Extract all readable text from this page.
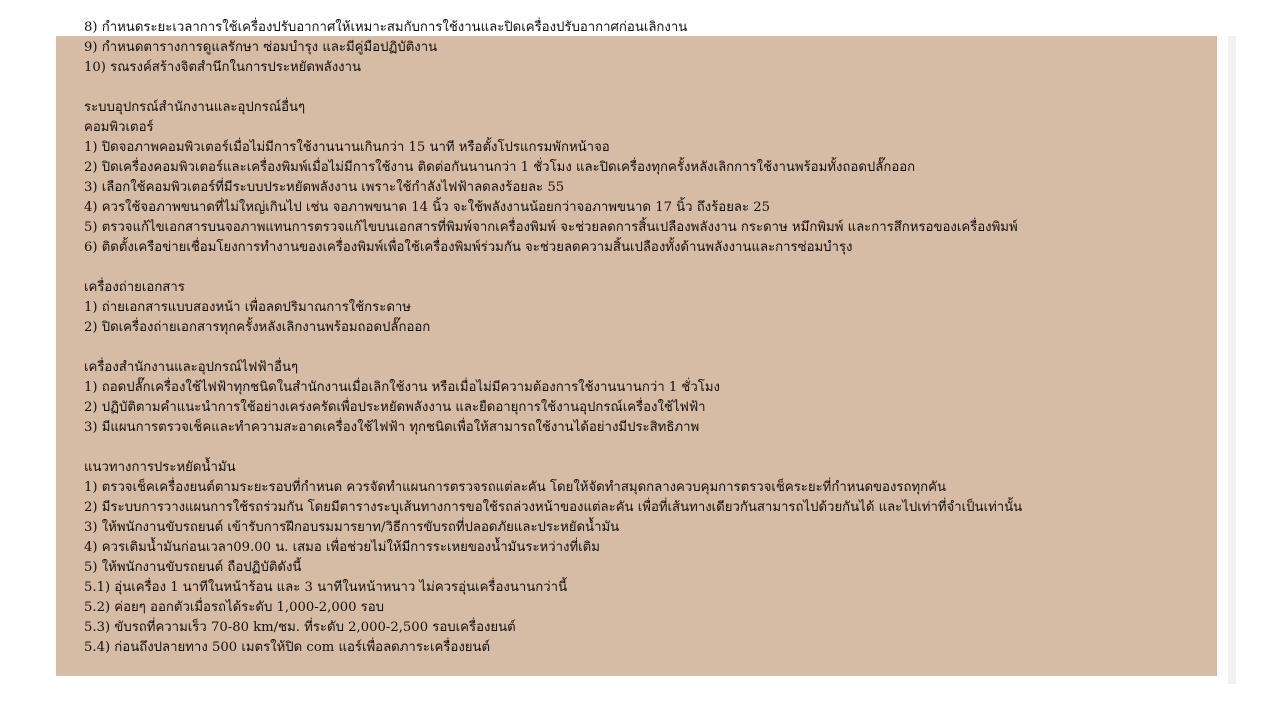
8) กำหนดระยะเวลาการใช้เครื่องปรับอากาศให้เหมาะสมกับการใช้งานและปิดเครื่องปรับอากาศก่อนเลิกงาน
9) กำหนดตารางการดูแลรักษา ซ่อมบำรุง และมีคู่มือปฏิบัติงาน
10) รณรงค์สร้างจิตสำนึกในการประหยัดพลังงาน
ระบบอุปกรณ์สำนักงานและอุปกรณ์อื่นๆ
คอมพิวเตอร์
1) ปิดจอภาพคอมพิวเตอร์เมื่อไม่มีการใช้งานนานเกินกว่า 15 นาที หรือตั้งโปรแกรมพักหน้าจอ
2) ปิดเครื่องคอมพิวเตอร์และเครื่องพิมพ์เมื่อไม่มีการใช้งาน ติดต่อกันนานกว่า 1 ชั่วโมง และปิดเครื่องทุกครั้งหลังเลิกการใช้งานพร้อมทั้งถอดปลั๊กออก
3) เลือกใช้คอมพิวเตอร์ที่มีระบบประหยัดพลังงาน เพราะใช้กำลังไฟฟ้าลดลงร้อยละ 55
4) ควรใช้จอภาพขนาดที่ไม่ใหญ่เกินไป เช่น จอภาพขนาด 14 นิ้ว จะใช้พลังงานน้อยกว่าจอภาพขนาด 17 นิ้ว ถึงร้อยละ 25
5) ตรวจแก้ไขเอกสารบนจอภาพแทนการตรวจแก้ไขบนเอกสารที่พิมพ์จากเครื่องพิมพ์ จะช่วยลดการสิ้นเปลืองพลังงาน กระดาษ หมึกพิมพ์ และการสึกหรอของเครื่องพิมพ์
6) ติดตั้งเครือข่ายเชื่อมโยงการทำงานของเครื่องพิมพ์เพื่อใช้เครื่องพิมพ์ร่วมกัน จะช่วยลดความสิ้นเปลืองทั้งด้านพลังงานและการซ่อมบำรุง
เครื่องถ่ายเอกสาร
1) ถ่ายเอกสารแบบสองหน้า เพื่อลดปริมาณการใช้กระดาษ
2) ปิดเครื่องถ่ายเอกสารทุกครั้งหลังเลิกงานพร้อมถอดปลั๊กออก
เครื่องสำนักงานและอุปกรณ์ไฟฟ้าอื่นๆ
1) ถอดปลั๊กเครื่องใช้ไฟฟ้าทุกชนิดในสำนักงานเมื่อเลิกใช้งาน หรือเมื่อไม่มีความต้องการใช้งานนานกว่า 1 ชั่วโมง
2) ปฏิบัติตามคำแนะนำการใช้อย่างเคร่งครัดเพื่อประหยัดพลังงาน และยืดอายุการใช้งานอุปกรณ์เครื่องใช้ไฟฟ้า
3) มีแผนการตรวจเช็คและทำความสะอาดเครื่องใช้ไฟฟ้า ทุกชนิดเพื่อให้สามารถใช้งานได้อย่างมีประสิทธิภาพ
แนวทางการประหยัดน้ำมัน
1) ตรวจเช็คเครื่องยนต์ตามระยะรอบที่กำหนด ควรจัดทำแผนการตรวจรถแต่ละคัน โดยให้จัดทำสมุดกลางควบคุมการตรวจเช็คระยะที่กำหนดของรถทุกคัน
2) มีระบบการวางแผนการใช้รถร่วมกัน โดยมีตารางระบุเส้นทางการขอใช้รถล่วงหน้าของแต่ละคัน เพื่อที่เส้นทางเดียวกันสามารถไปด้วยกันได้ และไปเท่าที่จำเป็นเท่านั้น
3) ให้พนักงานขับรถยนต์ เข้ารับการฝึกอบรมมารยาท/วิธีการขับรถที่ปลอดภัยและประหยัดน้ำมัน
4) ควรเติมน้ำมันก่อนเวลา09.00 น. เสมอ เพื่อช่วยไม่ให้มีการระเหยของน้ำมันระหว่างที่เติม
5) ให้พนักงานขับรถยนต์ ถือปฏิบัติดังนี้
5.1) อุ่นเครื่อง 1 นาทีในหน้าร้อน และ 3 นาทีในหน้าหนาว ไม่ควรอุ่นเครื่องนานกว่านี้
5.2) ค่อยๆ ออกตัวเมื่อรถได้ระดับ 1,000-2,000 รอบ
5.3) ขับรถที่ความเร็ว 70-80 km/ชม. ที่ระดับ 2,000-2,500 รอบเครื่องยนต์
5.4) ก่อนถึงปลายทาง 500 เมตรให้ปิด com แอร์เพื่อลดภาระเครื่องยนต์
